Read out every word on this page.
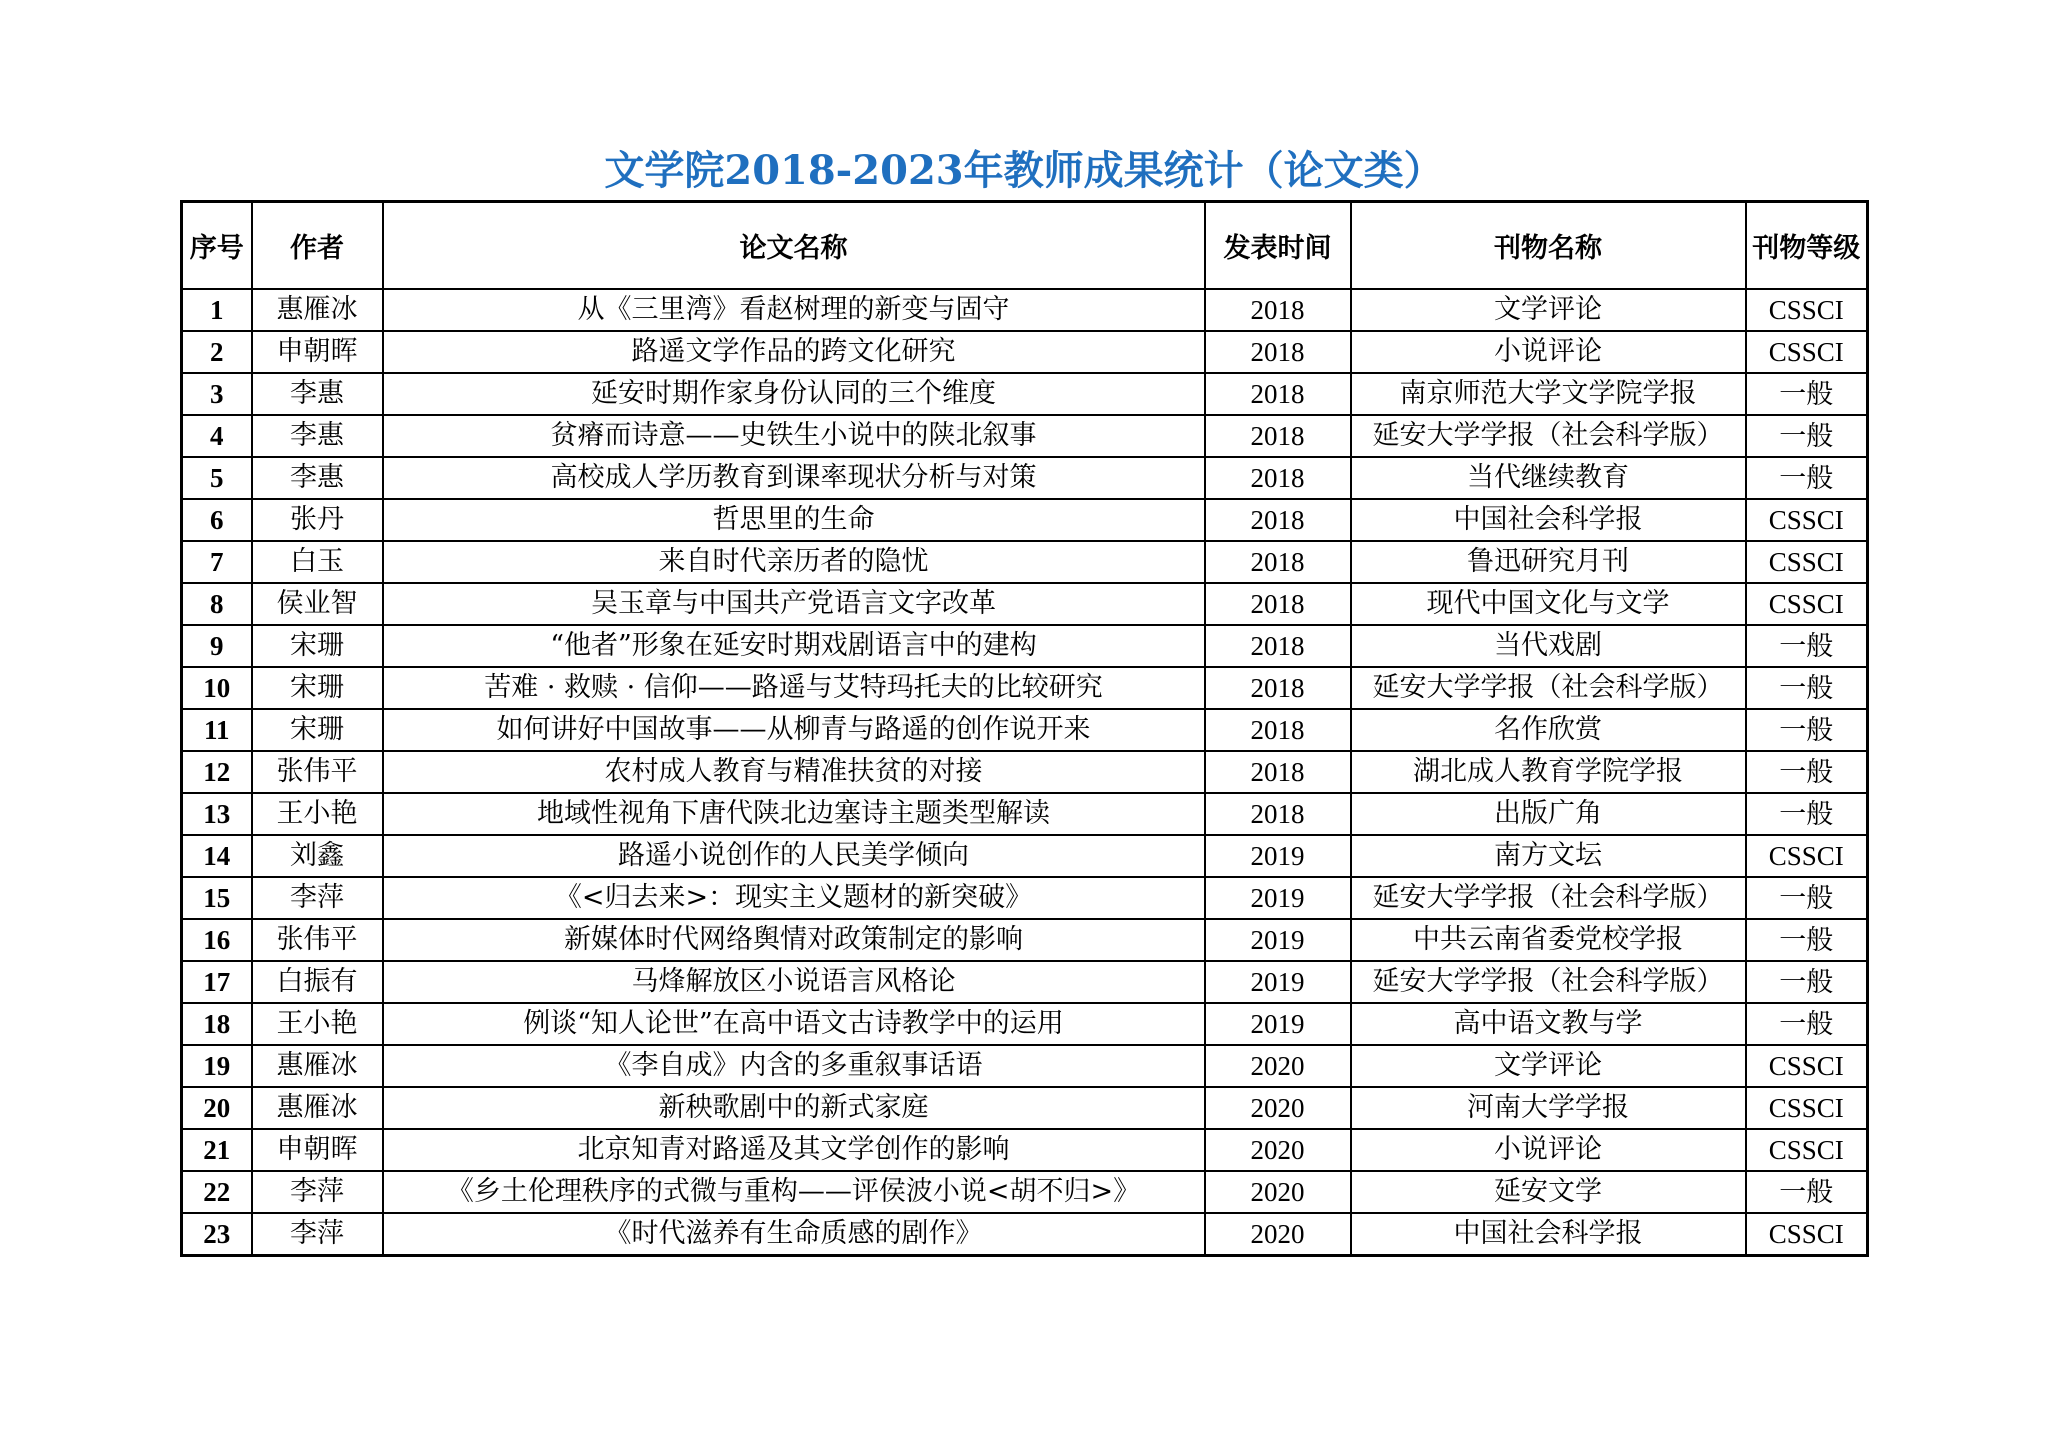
文学院2018-2023年教师成果统计（论文类）
序号	作者	论文名称	发表时间	刊物名称	刊物等级
1	惠雁冰	从《三里湾》看赵树理的新变与固守	2018	文学评论	CSSCI
2	申朝晖	路遥文学作品的跨文化研究	2018	小说评论	CSSCI
3	李惠	延安时期作家身份认同的三个维度	2018	南京师范大学文学院学报	一般
4	李惠	贫瘠而诗意——史铁生小说中的陕北叙事	2018	延安大学学报（社会科学版）	一般
5	李惠	高校成人学历教育到课率现状分析与对策	2018	当代继续教育	一般
6	张丹	哲思里的生命	2018	中国社会科学报	CSSCI
7	白玉	来自时代亲历者的隐忧	2018	鲁迅研究月刊	CSSCI
8	侯业智	吴玉章与中国共产党语言文字改革	2018	现代中国文化与文学	CSSCI
9	宋珊	“他者”形象在延安时期戏剧语言中的建构	2018	当代戏剧	一般
10	宋珊	苦难 · 救赎 · 信仰——路遥与艾特玛托夫的比较研究	2018	延安大学学报（社会科学版）	一般
11	宋珊	如何讲好中国故事——从柳青与路遥的创作说开来	2018	名作欣赏	一般
12	张伟平	农村成人教育与精准扶贫的对接	2018	湖北成人教育学院学报	一般
13	王小艳	地域性视角下唐代陕北边塞诗主题类型解读	2018	出版广角	一般
14	刘鑫	路遥小说创作的人民美学倾向	2019	南方文坛	CSSCI
15	李萍	《<归去来>：现实主义题材的新突破》	2019	延安大学学报（社会科学版）	一般
16	张伟平	新媒体时代网络舆情对政策制定的影响	2019	中共云南省委党校学报	一般
17	白振有	马烽解放区小说语言风格论	2019	延安大学学报（社会科学版）	一般
18	王小艳	例谈“知人论世”在高中语文古诗教学中的运用	2019	高中语文教与学	一般
19	惠雁冰	《李自成》内含的多重叙事话语	2020	文学评论	CSSCI
20	惠雁冰	新秧歌剧中的新式家庭	2020	河南大学学报	CSSCI
21	申朝晖	北京知青对路遥及其文学创作的影响	2020	小说评论	CSSCI
22	李萍	《乡土伦理秩序的式微与重构——评侯波小说<胡不归>》	2020	延安文学	一般
23	李萍	《时代滋养有生命质感的剧作》	2020	中国社会科学报	CSSCI
